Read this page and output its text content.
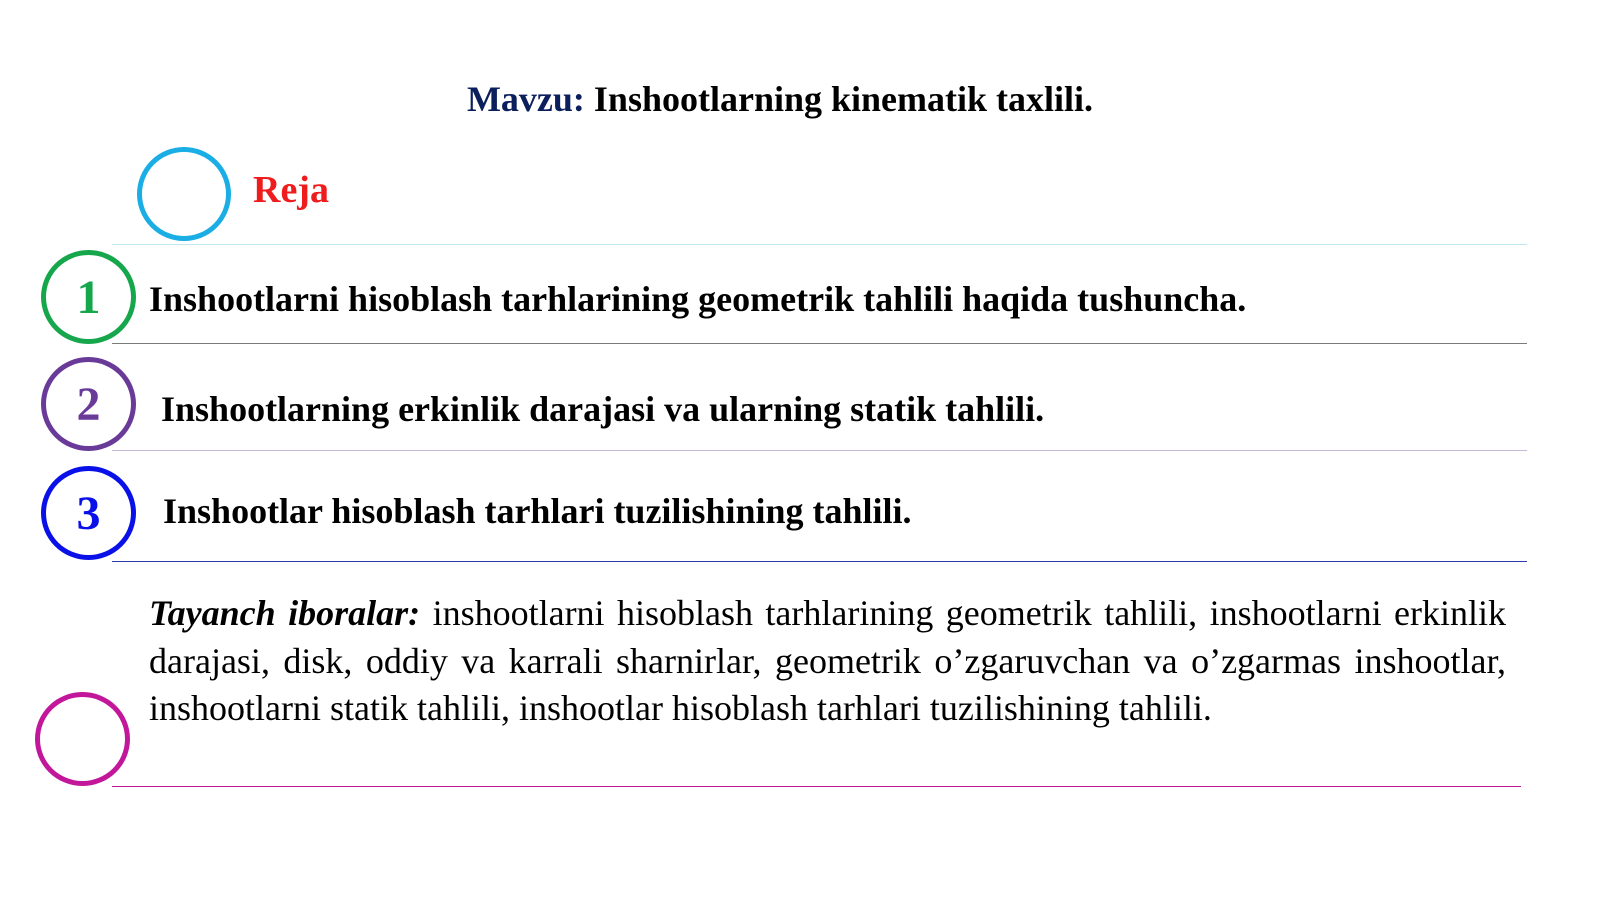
Mavzu: Inshootlarning kinematik taxlili.
Reja
1	Inshootlarni hisoblash tarhlarining geometrik tahlili haqida tushuncha.
2	Inshootlarning erkinlik darajasi va ularning statik tahlili.
3	Inshootlar hisoblash tarhlari tuzilishining tahlili.
Tayanch iboralar: inshootlarni hisoblash tarhlarining geometrik tahlili, inshootlarni erkinlik darajasi, disk, oddiy va karrali sharnirlar, geometrik o’zgaruvchan va o’zgarmas inshootlar, inshootlarni statik tahlili, inshootlar hisoblash tarhlari tuzilishining tahlili.
